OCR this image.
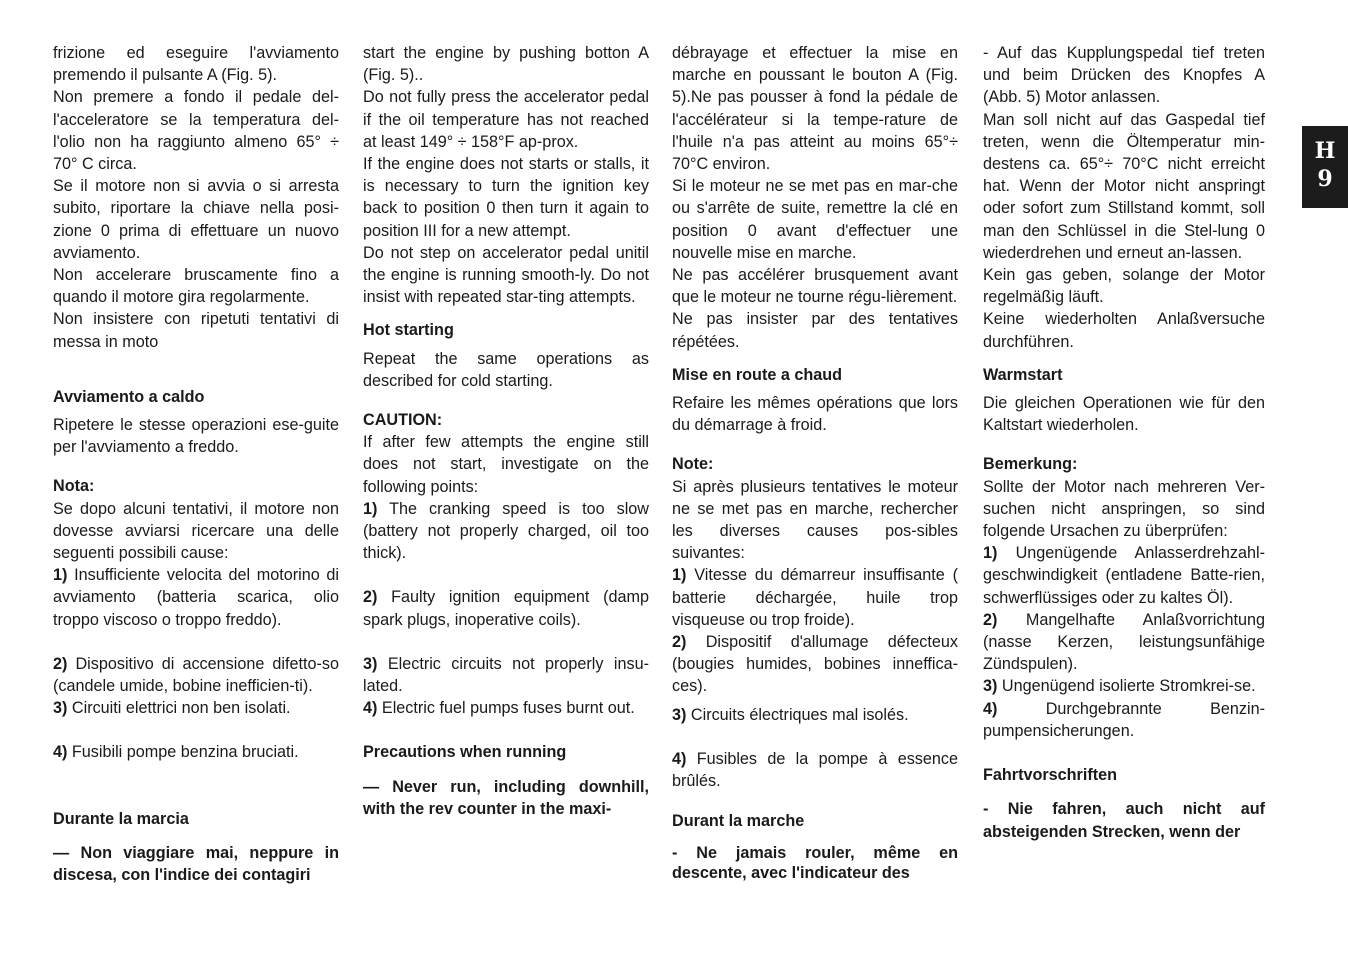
frizione ed eseguire l'avviamento premendo il pulsante A (Fig. 5).

Non premere a fondo il pedale del-l'acceleratore se la temperatura del-l'olio non ha raggiunto almeno 65° ÷ 70° C circa.

Se il motore non si avvia o si arresta subito, riportare la chiave nella posi-zione 0 prima di effettuare un nuovo avviamento.

Non accelerare bruscamente fino a quando il motore gira regolarmente.

Non insistere con ripetuti tentativi di messa in moto

Avviamento a caldo

Ripetere le stesse operazioni ese-guite per l'avviamento a freddo.

Nota:

Se dopo alcuni tentativi, il motore non dovesse avviarsi ricercare una delle seguenti possibili cause:

1) Insufficiente velocita del motorino di avviamento (batteria scarica, olio troppo viscoso o troppo freddo).

2) Dispositivo di accensione difetto-so (candele umide, bobine inefficien-ti).

3) Circuiti elettrici non ben isolati.

4) Fusibili pompe benzina bruciati.

Durante la marcia

— Non viaggiare mai, neppure in discesa, con l'indice dei contagiri

start the engine by pushing botton A (Fig. 5)..

Do not fully press the accelerator pedal if the oil temperature has not reached at least 149° ÷ 158°F ap-prox.

If the engine does not starts or stalls, it is necessary to turn the ignition key back to position 0 then turn it again to position III for a new attempt.

Do not step on accelerator pedal unitil the engine is running smooth-ly. Do not insist with repeated star-ting attempts.

Hot starting

Repeat the same operations as described for cold starting.

CAUTION:

If after few attempts the engine still does not start, investigate on the following points:

1) The cranking speed is too slow (battery not properly charged, oil too thick).

2) Faulty ignition equipment (damp spark plugs, inoperative coils).

3) Electric circuits not properly insu-lated.

4) Electric fuel pumps fuses burnt out.

Precautions when running

— Never run, including downhill, with the rev counter in the maxi-

débrayage et effectuer la mise en marche en poussant le bouton A (Fig. 5).Ne pas pousser à fond la pédale de l'accélérateur si la tempe-rature de l'huile n'a pas atteint au moins 65°÷ 70°C environ.

Si le moteur ne se met pas en mar-che ou s'arrête de suite, remettre la clé en position 0 avant d'effectuer une nouvelle mise en marche.

Ne pas accélérer brusquement avant que le moteur ne tourne régu-lièrement.

Ne pas insister par des tentatives répétées.

Mise en route a chaud

Refaire les mêmes opérations que lors du démarrage à froid.

Note:

Si après plusieurs tentatives le moteur ne se met pas en marche, rechercher les diverses causes pos-sibles suivantes:

1) Vitesse du démarreur insuffisante ( batterie déchargée, huile trop visqueuse ou trop froide).

2) Dispositif d'allumage défecteux (bougies humides, bobines inneffica-ces).

3) Circuits électriques mal isolés.

4) Fusibles de la pompe à essence brûlés.

Durant la marche

- Ne jamais rouler, même en descente, avec l'indicateur des

- Auf das Kupplungspedal tief treten und beim Drücken des Knopfes A (Abb. 5) Motor anlassen.

Man soll nicht auf das Gaspedal tief treten, wenn die Öltemperatur min-destens ca. 65°÷ 70°C nicht erreicht hat. Wenn der Motor nicht anspringt oder sofort zum Stillstand kommt, soll man den Schlüssel in die Stel-lung 0 wiederdrehen und erneut an-lassen.

Kein gas geben, solange der Motor regelmäßig läuft.

Keine wiederholten Anlaßversuche durchführen.

Warmstart

Die gleichen Operationen wie für den Kaltstart wiederholen.

Bemerkung:

Sollte der Motor nach mehreren Ver-suchen nicht anspringen, so sind folgende Ursachen zu überprüfen:

1) Ungenügende Anlasserdrehzahl-geschwindigkeit (entladene Batte-rien, schwerflüssiges oder zu kaltes Öl).

2) Mangelhafte Anlaßvorrichtung (nasse Kerzen, leistungsunfähige Zündspulen).

3) Ungenügend isolierte Stromkrei-se.

4)	Durchgebrannte Benzin-pumpensicherungen.

Fahrtvorschriften

- Nie fahren, auch nicht auf absteigenden Strecken, wenn der

H
9
